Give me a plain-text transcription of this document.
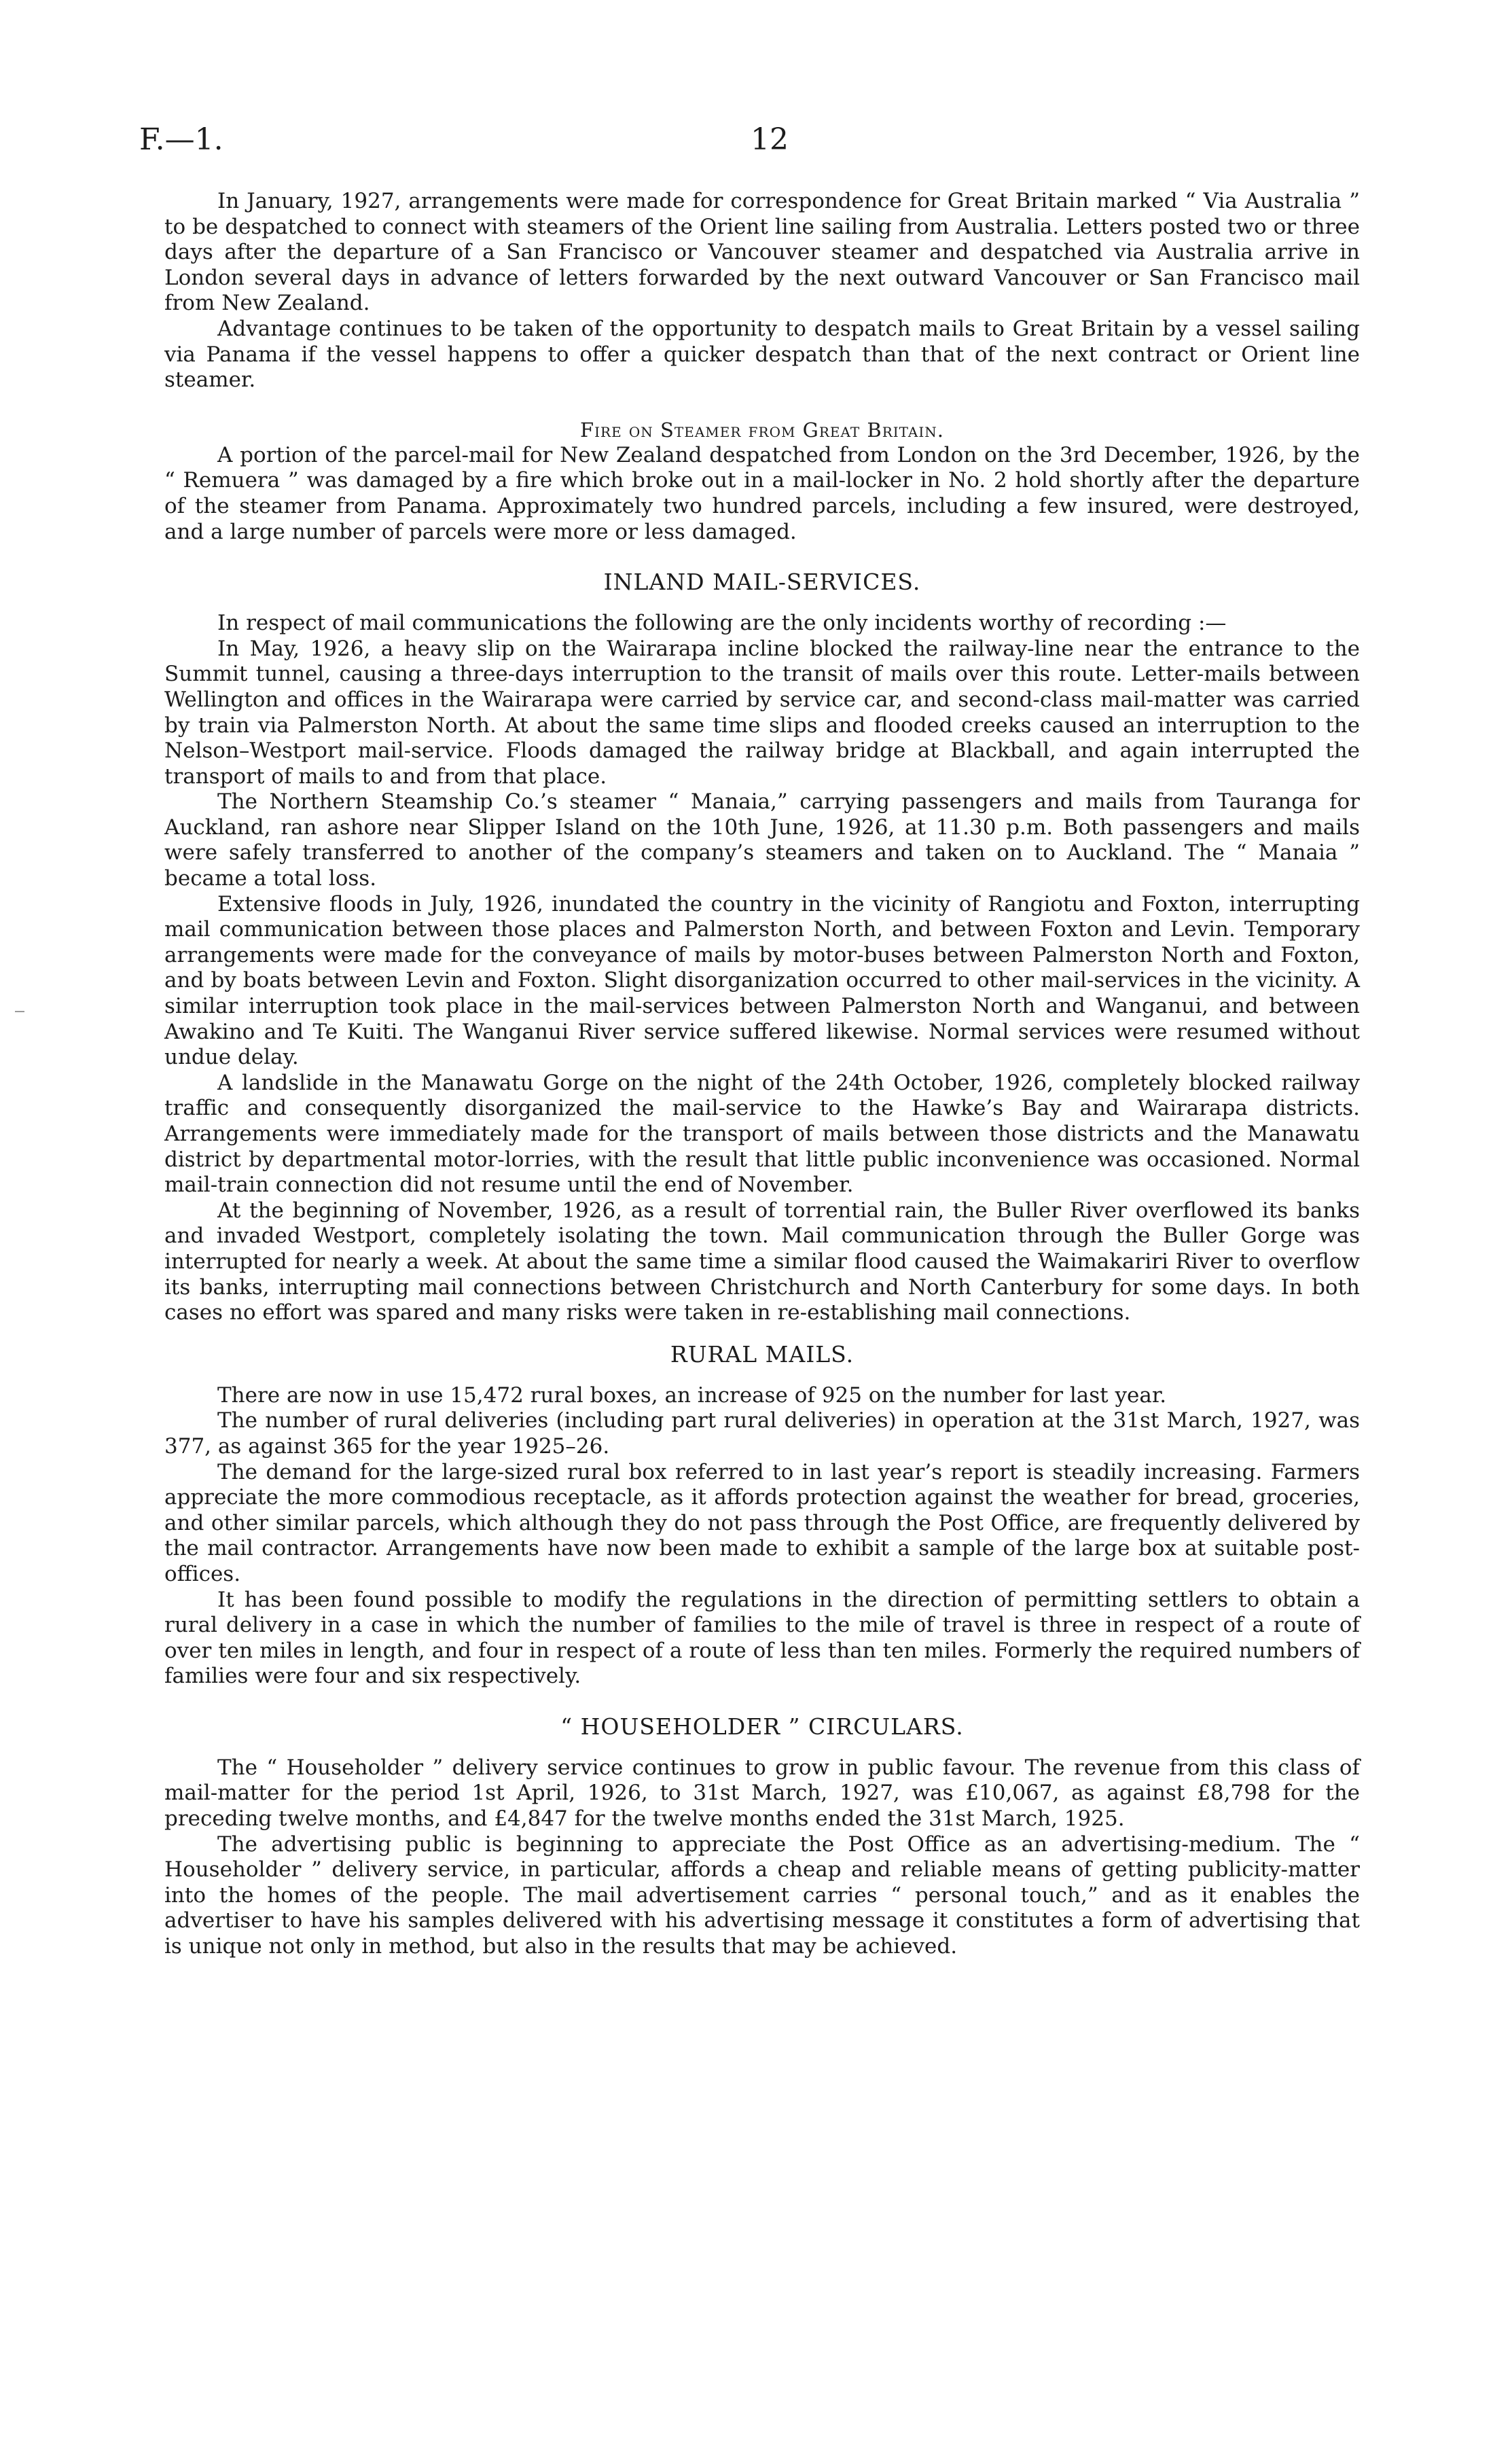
F.—1.	12

In January, 1927, arrangements were made for correspondence for Great Britain marked “ Via Australia ” to be despatched to connect with steamers of the Orient line sailing from Australia. Letters posted two or three days after the departure of a San Francisco or Vancouver steamer and despatched via Australia arrive in London several days in advance of letters forwarded by the next outward Vancouver or San Francisco mail from New Zealand.

Advantage continues to be taken of the opportunity to despatch mails to Great Britain by a vessel sailing via Panama if the vessel happens to offer a quicker despatch than that of the next contract or Orient line steamer.

Fire on Steamer from Great Britain.

A portion of the parcel-mail for New Zealand despatched from London on the 3rd December, 1926, by the “ Remuera ” was damaged by a fire which broke out in a mail-locker in No. 2 hold shortly after the departure of the steamer from Panama. Approximately two hundred parcels, including a few insured, were destroyed, and a large number of parcels were more or less damaged.

INLAND MAIL-SERVICES.

In respect of mail communications the following are the only incidents worthy of recording :—

In May, 1926, a heavy slip on the Wairarapa incline blocked the railway-line near the entrance to the Summit tunnel, causing a three-days interruption to the transit of mails over this route. Letter-mails between Wellington and offices in the Wairarapa were carried by service car, and second-class mail-matter was carried by train via Palmerston North. At about the same time slips and flooded creeks caused an interruption to the Nelson–Westport mail-service. Floods damaged the railway bridge at Blackball, and again interrupted the transport of mails to and from that place.

The Northern Steamship Co.’s steamer “ Manaia,” carrying passengers and mails from Tauranga for Auckland, ran ashore near Slipper Island on the 10th June, 1926, at 11.30 p.m. Both passengers and mails were safely transferred to another of the company’s steamers and taken on to Auckland. The “ Manaia ” became a total loss.

Extensive floods in July, 1926, inundated the country in the vicinity of Rangiotu and Foxton, interrupting mail communication between those places and Palmerston North, and between Foxton and Levin. Temporary arrangements were made for the conveyance of mails by motor-buses between Palmerston North and Foxton, and by boats between Levin and Foxton. Slight disorganization occurred to other mail-services in the vicinity. A similar interruption took place in the mail-services between Palmerston North and Wanganui, and between Awakino and Te Kuiti. The Wanganui River service suffered likewise. Normal services were resumed without undue delay.

A landslide in the Manawatu Gorge on the night of the 24th October, 1926, completely blocked railway traffic and consequently disorganized the mail-service to the Hawke’s Bay and Wairarapa districts. Arrangements were immediately made for the transport of mails between those districts and the Manawatu district by departmental motor-lorries, with the result that little public inconvenience was occasioned. Normal mail-train connection did not resume until the end of November.

At the beginning of November, 1926, as a result of torrential rain, the Buller River overflowed its banks and invaded Westport, completely isolating the town. Mail communication through the Buller Gorge was interrupted for nearly a week. At about the same time a similar flood caused the Waimakariri River to overflow its banks, interrupting mail connections between Christchurch and North Canterbury for some days. In both cases no effort was spared and many risks were taken in re-establishing mail connections.

RURAL MAILS.

There are now in use 15,472 rural boxes, an increase of 925 on the number for last year.

The number of rural deliveries (including part rural deliveries) in operation at the 31st March, 1927, was 377, as against 365 for the year 1925–26.

The demand for the large-sized rural box referred to in last year’s report is steadily increasing. Farmers appreciate the more commodious receptacle, as it affords protection against the weather for bread, groceries, and other similar parcels, which although they do not pass through the Post Office, are frequently delivered by the mail contractor. Arrangements have now been made to exhibit a sample of the large box at suitable post-offices.

It has been found possible to modify the regulations in the direction of permitting settlers to obtain a rural delivery in a case in which the number of families to the mile of travel is three in respect of a route of over ten miles in length, and four in respect of a route of less than ten miles. Formerly the required numbers of families were four and six respectively.

“ HOUSEHOLDER ” CIRCULARS.

The “ Householder ” delivery service continues to grow in public favour. The revenue from this class of mail-matter for the period 1st April, 1926, to 31st March, 1927, was £10,067, as against £8,798 for the preceding twelve months, and £4,847 for the twelve months ended the 31st March, 1925.

The advertising public is beginning to appreciate the Post Office as an advertising-medium. The “ Householder ” delivery service, in particular, affords a cheap and reliable means of getting publicity-matter into the homes of the people. The mail advertisement carries “ personal touch,” and as it enables the advertiser to have his samples delivered with his advertising message it constitutes a form of advertising that is unique not only in method, but also in the results that may be achieved.
